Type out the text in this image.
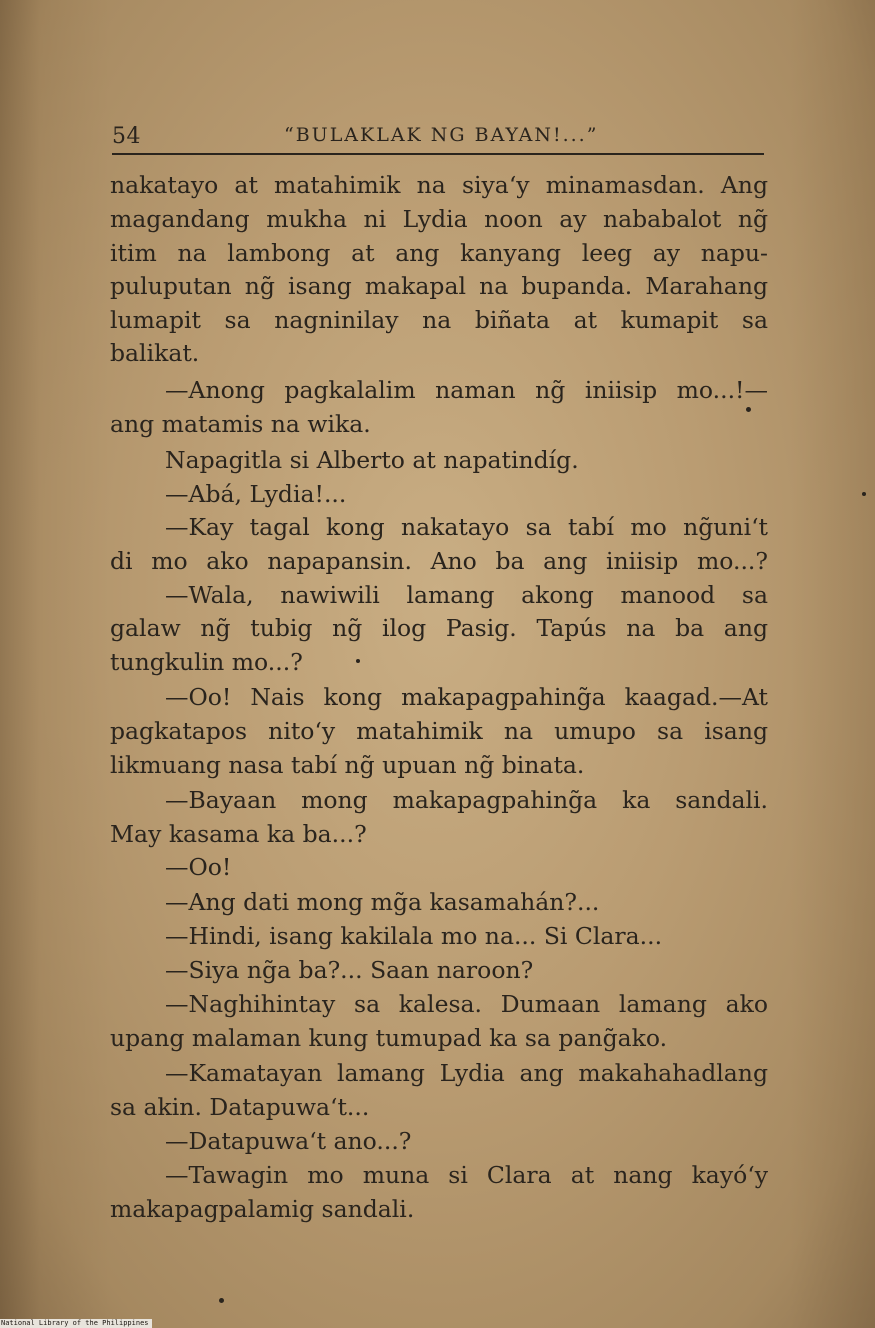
54	“BULAKLAK NG BAYAN!...”
nakatayo at matahimik na siya‘y minamasdan. Ang
magandang mukha ni Lydia noon ay nababalot ng̃
itim na lambong at ang kanyang leeg ay napu-
puluputan ng̃ isang makapal na bupanda. Marahang
lumapit sa nagninilay na biñata at kumapit sa
balikat.
—Anong pagkalalim naman ng̃ iniisip mo...!—
ang matamis na wika.
Napagitla si Alberto at napatindíg.
—Abá, Lydia!...
—Kay tagal kong nakatayo sa tabí mo ng̃uni‘t
di mo ako napapansin. Ano ba ang iniisip mo...?
—Wala, nawiwili lamang akong manood sa
galaw ng̃ tubig ng̃ ilog Pasig. Tapús na ba ang
tungkulin mo...?
—Oo! Nais kong makapagpahing̃a kaagad.—At
pagkatapos nito‘y matahimik na umupo sa isang
likmuang nasa tabí ng̃ upuan ng̃ binata.
—Bayaan mong makapagpahing̃a ka sandali.
May kasama ka ba...?
—Oo!
—Ang dati mong mg̃a kasamahán?...
—Hindi, isang kakilala mo na... Si Clara...
—Siya ng̃a ba?... Saan naroon?
—Naghihintay sa kalesa. Dumaan lamang ako
upang malaman kung tumupad ka sa pang̃ako.
—Kamatayan lamang Lydia ang makahahadlang
sa akin. Datapuwa‘t...
—Datapuwa‘t ano...?
—Tawagin mo muna si Clara at nang kayó‘y
makapagpalamig sandali.
National Library of the Philippines
